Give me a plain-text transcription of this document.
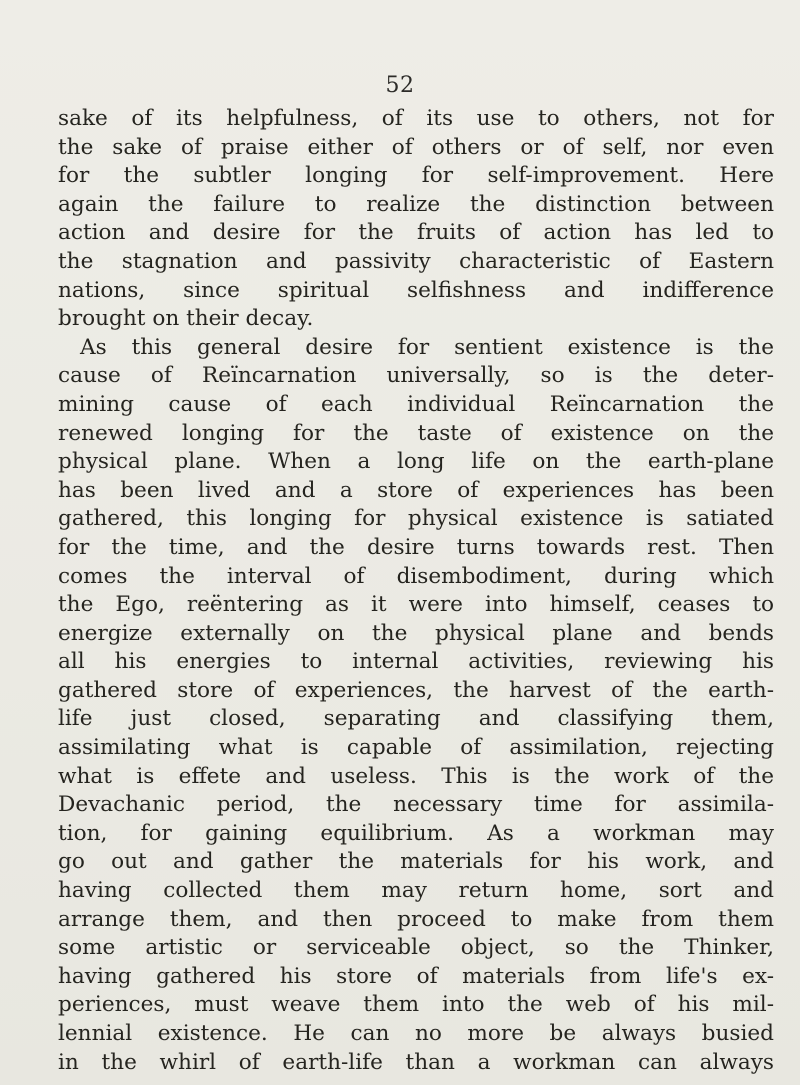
52
sake of its helpfulness, of its use to others, not for
the sake of praise either of others or of self, nor even
for the subtler longing for self-improvement. Here
again the failure to realize the distinction between
action and desire for the fruits of action has led to
the stagnation and passivity characteristic of Eastern
nations, since spiritual selfishness and indifference
brought on their decay.
As this general desire for sentient existence is the
cause of Reïncarnation universally, so is the deter-
mining cause of each individual Reïncarnation the
renewed longing for the taste of existence on the
physical plane. When a long life on the earth-plane
has been lived and a store of experiences has been
gathered, this longing for physical existence is satiated
for the time, and the desire turns towards rest. Then
comes the interval of disembodiment, during which
the Ego, reëntering as it were into himself, ceases to
energize externally on the physical plane and bends
all his energies to internal activities, reviewing his
gathered store of experiences, the harvest of the earth-
life just closed, separating and classifying them,
assimilating what is capable of assimilation, rejecting
what is effete and useless. This is the work of the
Devachanic period, the necessary time for assimila-
tion, for gaining equilibrium. As a workman may
go out and gather the materials for his work, and
having collected them may return home, sort and
arrange them, and then proceed to make from them
some artistic or serviceable object, so the Thinker,
having gathered his store of materials from life's ex-
periences, must weave them into the web of his mil-
lennial existence. He can no more be always busied
in the whirl of earth-life than a workman can always
